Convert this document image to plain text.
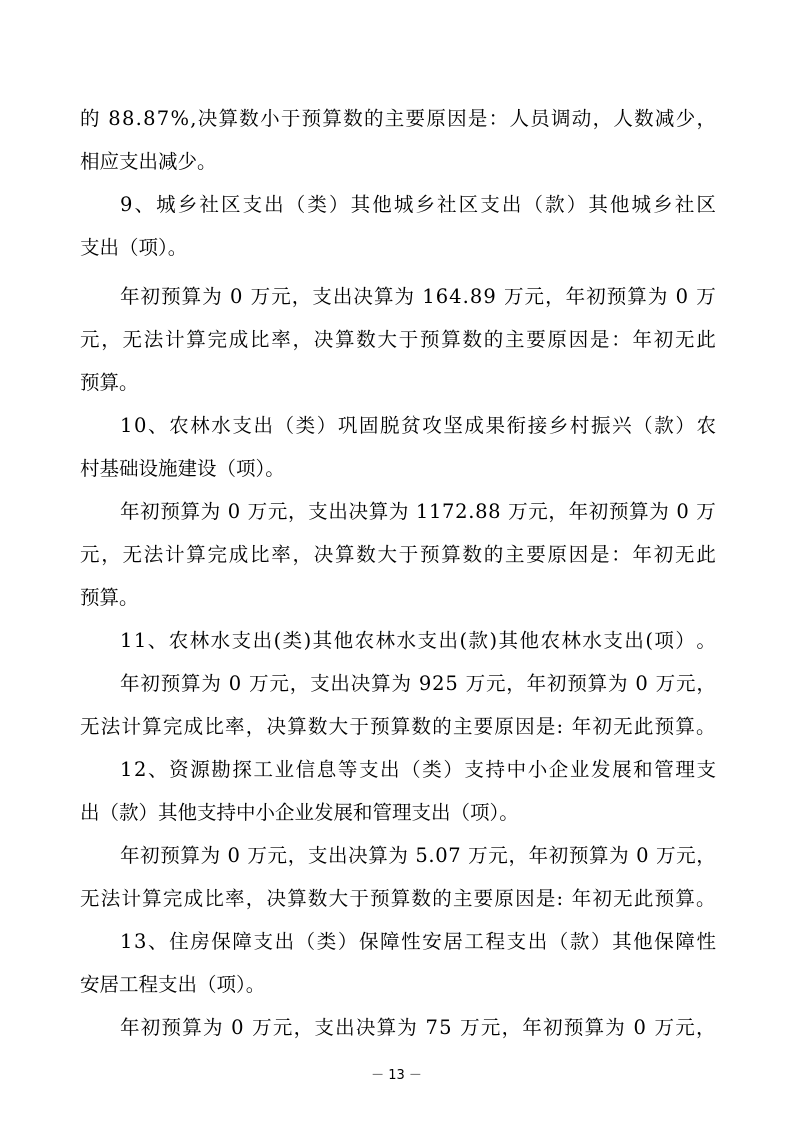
的
8 8 . 8 7 % , 决 算 数 小 于 预 算 数 的 主 要 原 因 是 ： 人 员 调 动 ， 人 数 减 少 ，
相应支出减少。
9 、 城 乡 社 区 支 出 （ 类 ） 其 他 城 乡 社 区 支 出 （ 款 ） 其 他 城 乡 社 区
支出（项）。
年 初 预 算 为
0
万 元 ， 支 出 决 算 为
1 6 4 . 8 9
万 元 ， 年 初 预 算 为
0
万
元 ， 无 法 计 算 完 成 比 率 ， 决 算 数 大 于 预 算 数 的 主 要 原 因 是 ： 年 初 无 此
预算。
1 0 、 农 林 水 支 出 （ 类 ） 巩 固 脱 贫 攻 坚 成 果 衔 接 乡 村 振 兴 （ 款 ） 农
村基础设施建设（项）。
年 初 预 算 为
0
万 元 ， 支 出 决 算 为
1 1 7 2 . 8 8
万 元 ， 年 初 预 算 为
0
万
元 ， 无 法 计 算 完 成 比 率 ， 决 算 数 大 于 预 算 数 的 主 要 原 因 是 ： 年 初 无 此
预算。
1 1 、 农 林 水 支 出 ( 类 ) 其 他 农 林 水 支 出 ( 款 ) 其 他 农 林 水 支 出 ( 项 ） 。
年 初 预 算 为
0
万 元 ， 支 出 决 算 为
9 2 5
万 元 ， 年 初 预 算 为
0
万 元 ，
无 法 计 算 完 成 比 率 ， 决 算 数 大 于 预 算 数 的 主 要 原 因 是 :
年 初 无 此 预 算 。
1 2 、 资 源 勘 探 工 业 信 息 等 支 出 （ 类 ） 支 持 中 小 企 业 发 展 和 管 理 支
出（款）其他支持中小企业发展和管理支出（项）。
年 初 预 算 为
0
万 元 ， 支 出 决 算 为
5 . 0 7
万 元 ， 年 初 预 算 为
0
万 元 ，
无 法 计 算 完 成 比 率 ， 决 算 数 大 于 预 算 数 的 主 要 原 因 是 :
年 初 无 此 预 算 。
1 3 、 住 房 保 障 支 出 （ 类 ） 保 障 性 安 居 工 程 支 出 （ 款 ） 其 他 保 障 性
安居工程支出（项）。
年 初 预 算 为
0
万 元 ， 支 出 决 算 为
7 5
万 元 ， 年 初 预 算 为
0
万 元 ，
－ 13 －
